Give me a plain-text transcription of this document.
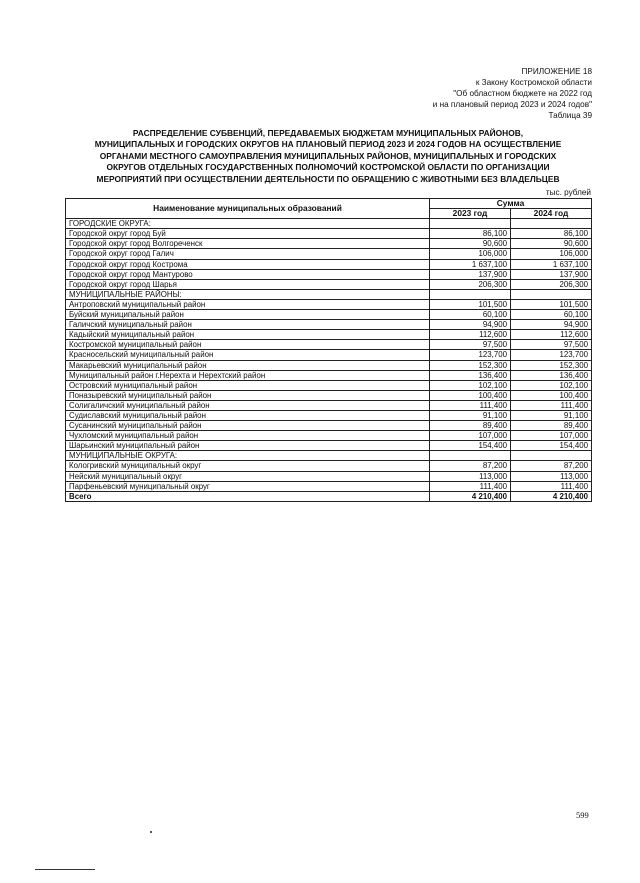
ПРИЛОЖЕНИЕ 18
к Закону Костромской области
"Об областном бюджете на 2022 год
и на плановый период 2023 и 2024 годов"
Таблица 39
РАСПРЕДЕЛЕНИЕ СУБВЕНЦИЙ, ПЕРЕДАВАЕМЫХ БЮДЖЕТАМ МУНИЦИПАЛЬНЫХ РАЙОНОВ,
МУНИЦИПАЛЬНЫХ И ГОРОДСКИХ ОКРУГОВ НА ПЛАНОВЫЙ ПЕРИОД 2023 И 2024 ГОДОВ НА ОСУЩЕСТВЛЕНИЕ
ОРГАНАМИ МЕСТНОГО САМОУПРАВЛЕНИЯ МУНИЦИПАЛЬНЫХ РАЙОНОВ, МУНИЦИПАЛЬНЫХ И ГОРОДСКИХ
ОКРУГОВ ОТДЕЛЬНЫХ ГОСУДАРСТВЕННЫХ ПОЛНОМОЧИЙ КОСТРОМСКОЙ ОБЛАСТИ ПО ОРГАНИЗАЦИИ
МЕРОПРИЯТИЙ ПРИ ОСУЩЕСТВЛЕНИИ ДЕЯТЕЛЬНОСТИ ПО ОБРАЩЕНИЮ С ЖИВОТНЫМИ БЕЗ ВЛАДЕЛЬЦЕВ
тыс. рублей
Наименование муниципальных образований	Сумма	
	2023 год	2024 год
ГОРОДСКИЕ ОКРУГА:		
Городской округ город Буй	86,100	86,100
Городской округ город Волгореченск	90,600	90,600
Городской округ город Галич	106,000	106,000
Городской округ город Кострома	1 637,100	1 637,100
Городской округ город Мантурово	137,900	137,900
Городской округ город Шарья	206,300	206,300
МУНИЦИПАЛЬНЫЕ РАЙОНЫ:		
Антроповский муниципальный район	101,500	101,500
Буйский муниципальный район	60,100	60,100
Галичский муниципальный район	94,900	94,900
Кадыйский муниципальный район	112,600	112,600
Костромской муниципальный район	97,500	97,500
Красносельский муниципальный район	123,700	123,700
Макарьевский муниципальный район	152,300	152,300
Муниципальный район г.Нерехта и Нерехтский район	136,400	136,400
Островский муниципальный район	102,100	102,100
Поназыревский муниципальный район	100,400	100,400
Солигаличский муниципальный район	111,400	111,400
Судиславский муниципальный район	91,100	91,100
Сусанинский муниципальный район	89,400	89,400
Чухломский муниципальный район	107,000	107,000
Шарьинский муниципальный район	154,400	154,400
МУНИЦИПАЛЬНЫЕ ОКРУГА:		
Кологривский муниципальный округ	87,200	87,200
Нейский муниципальный округ	113,000	113,000
Парфеньевский муниципальный округ	111,400	111,400
Всего	4 210,400	4 210,400
599
